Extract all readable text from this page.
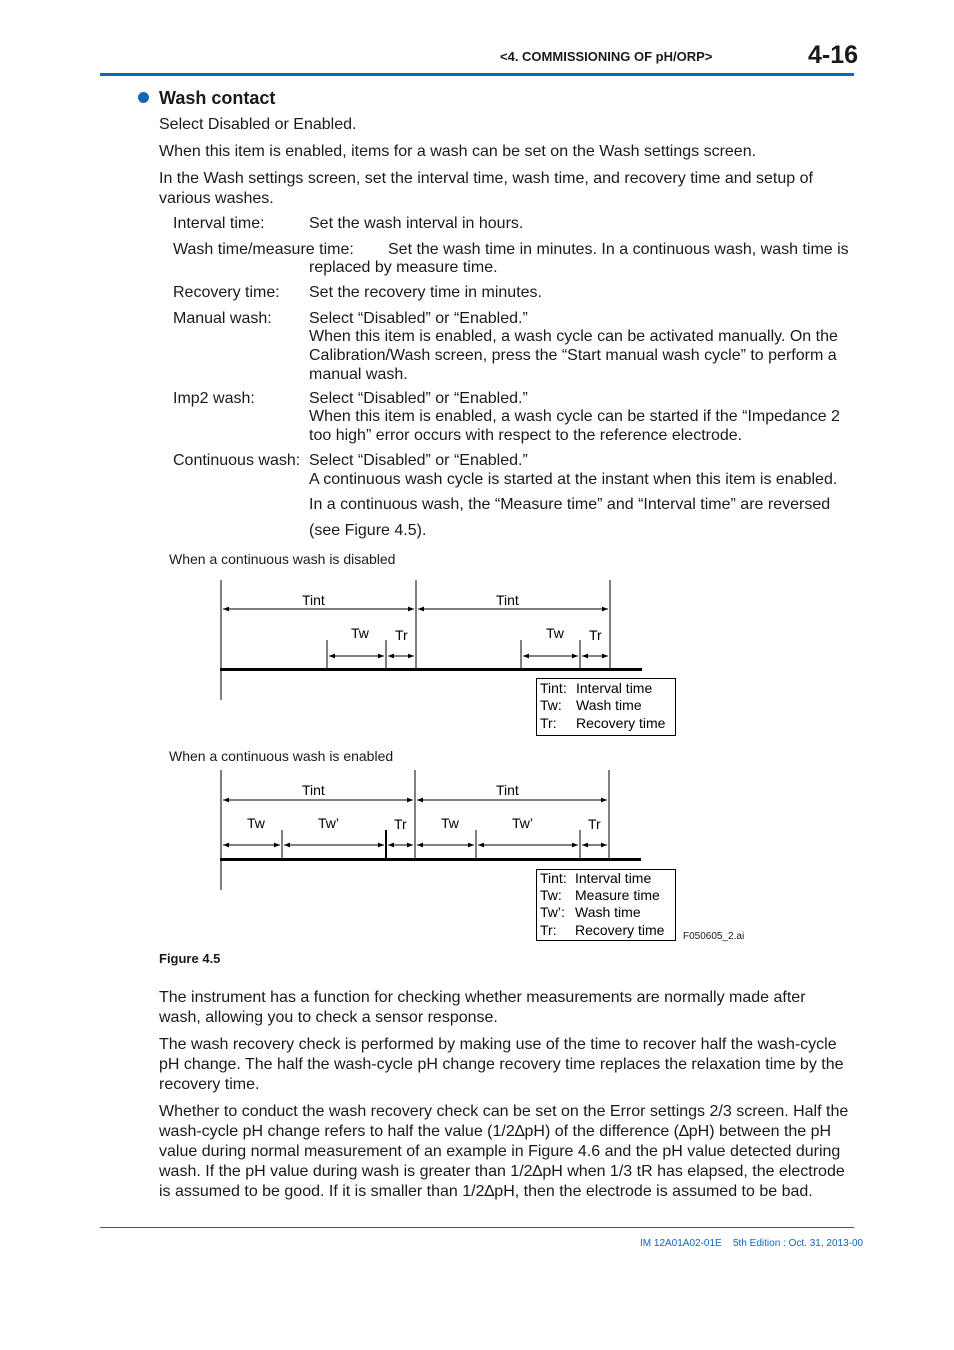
<4. COMMISSIONING OF pH/ORP>	4-16
Wash contact
Select Disabled or Enabled.
When this item is enabled, items for a wash can be set on the Wash settings screen.
In the Wash settings screen, set the interval time, wash time, and recovery time and setup of various washes.
Interval time:	Set the wash interval in hours.
Wash time/measure time: Set the wash time in minutes. In a continuous wash, wash time is
replaced by measure time.
Recovery time: Set the recovery time in minutes.
Manual wash: Select “Disabled” or “Enabled.”
When this item is enabled, a wash cycle can be activated manually. On the Calibration/Wash screen, press the “Start manual wash cycle” to perform a manual wash.
Imp2 wash:	Select “Disabled” or “Enabled.”
When this item is enabled, a wash cycle can be started if the “Impedance 2 too high” error occurs with respect to the reference electrode.
Continuous wash: Select “Disabled” or “Enabled.”
A continuous wash cycle is started at the instant when this item is enabled.
In a continuous wash, the “Measure time” and “Interval time” are reversed
(see Figure 4.5).
When a continuous wash is disabled
Tint	Tint
Tw Tr	Tw Tr
Tint: Interval time
Tw: Wash time
Tr: Recovery time
Tint	Tint
Tw	Tw’	Tr Tw	Tw’	Tr
Tint: Interval time
Tw: Measure time
Tw’: Wash time
Tr: Recovery time
When a continuous wash is enabled
F050605_2.ai
Figure 4.5
The instrument has a function for checking whether measurements are normally made after wash, allowing you to check a sensor response.
The wash recovery check is performed by making use of the time to recover half the wash-cycle pH change. The half the wash-cycle pH change recovery time replaces the relaxation time by the recovery time.
Whether to conduct the wash recovery check can be set on the Error settings 2/3 screen. Half the wash-cycle pH change refers to half the value (1/2∆pH) of the difference (∆pH) between the pH value during normal measurement of an example in Figure 4.6 and the pH value detected during wash. If the pH value during wash is greater than 1/2∆pH when 1/3 tR has elapsed, the electrode is assumed to be good. If it is smaller than 1/2∆pH, then the electrode is assumed to be bad.
IM 12A01A02-01E 5th Edition : Oct. 31, 2013-00
